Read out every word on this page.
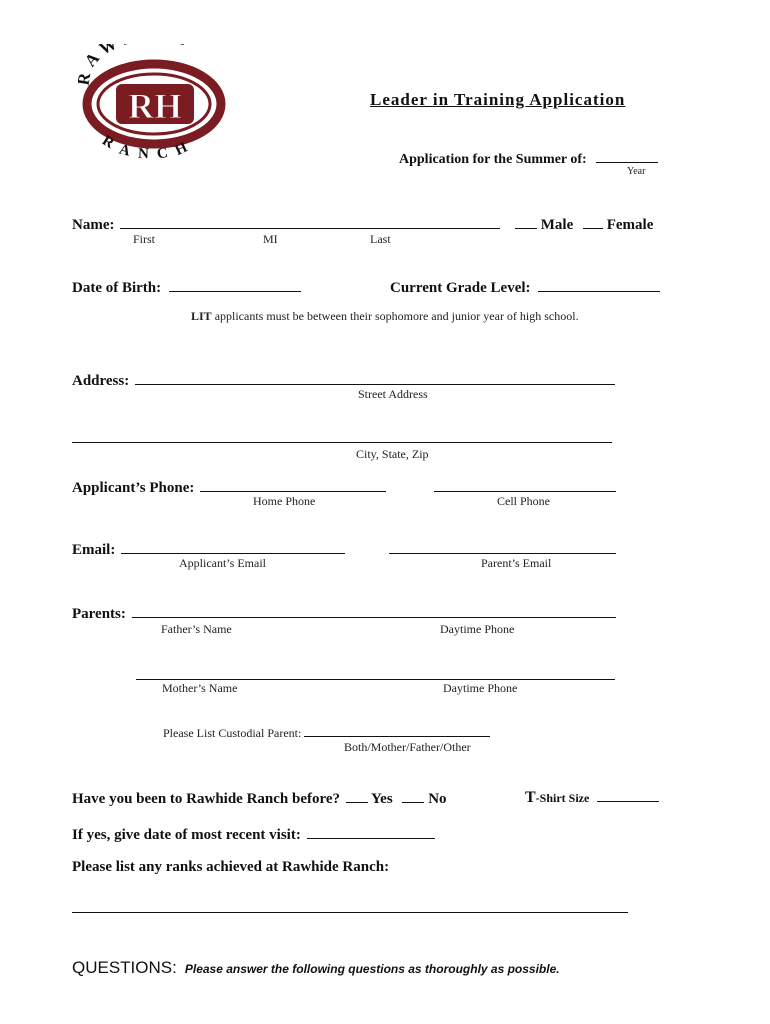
RH
AW
RANCH
Leader in Training Application
Application for the Summer of:
Year
Name:	Male Female
First	MI	Last
Date of Birth:	Current Grade Level:
LIT applicants must be between their sophomore and junior year of high school.
Address:
Street Address
City, State, Zip
Applicant’s Phone:
Home Phone	Cell Phone
Email:
Applicant’s Email	Parent’s Email
Parents:
Father’s Name	Daytime Phone
Mother’s Name	Daytime Phone
Please List Custodial Parent:
Both/Mother/Father/Other
Have you been to Rawhide Ranch before? Yes No	T-Shirt Size
If yes, give date of most recent visit:
Please list any ranks achieved at Rawhide Ranch:
QUESTIONS: Please answer the following questions as thoroughly as possible.
